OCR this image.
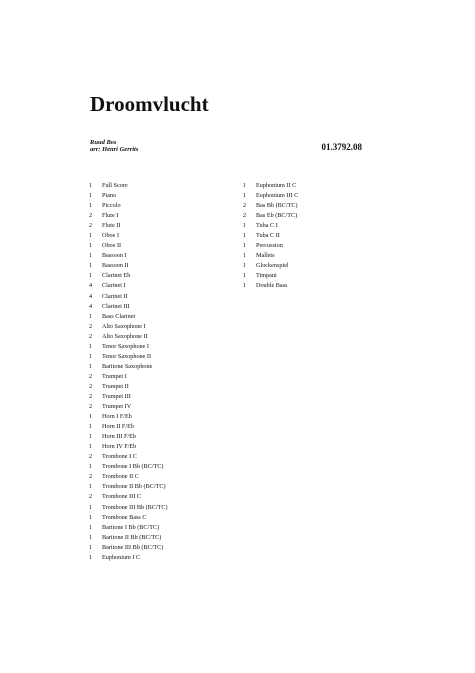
Droomvlucht
Ruud Bos
arr: Henri Gerrits	01.3792.08
1 Full Score
1 Piano
1 Piccolo
2 Flute I
2 Flute II
1 Oboe I
1 Oboe II
1 Bassoon I
1 Bassoon II
1 Clarinet Eb
4 Clarinet I
4 Clarinet II
4 Clarinet III
1 Bass Clarinet
2 Alto Saxophone I
2 Alto Saxophone II
1 Tenor Saxophone I
1 Tenor Saxophone II
1 Baritone Saxophone
2 Trumpet I
2 Trumpet II
2 Trumpet III
2 Trumpet IV
1 Horn I F/Eb
1 Horn II F/Eb
1 Horn III F/Eb
1 Horn IV F/Eb
2 Trombone I C
1 Trombone I Bb (BC/TC)
2 Trombone II C
1 Trombone II Bb (BC/TC)
2 Trombone III C
1 Trombone III Bb (BC/TC)
1 Trombone Bass C
1 Baritone I Bb (BC/TC)
1 Baritone II Bb (BC/TC)
1 Baritone III Bb (BC/TC)
1 Euphonium I C
1 Euphonium II C
1 Euphonium III C
2 Bas Bb (BC/TC)
2 Bas Eb (BC/TC)
1 Tuba C I
1 Tuba C II
1 Percussion
1 Mallets
1 Glockenspiel
1 Timpani
1 Double Bass
